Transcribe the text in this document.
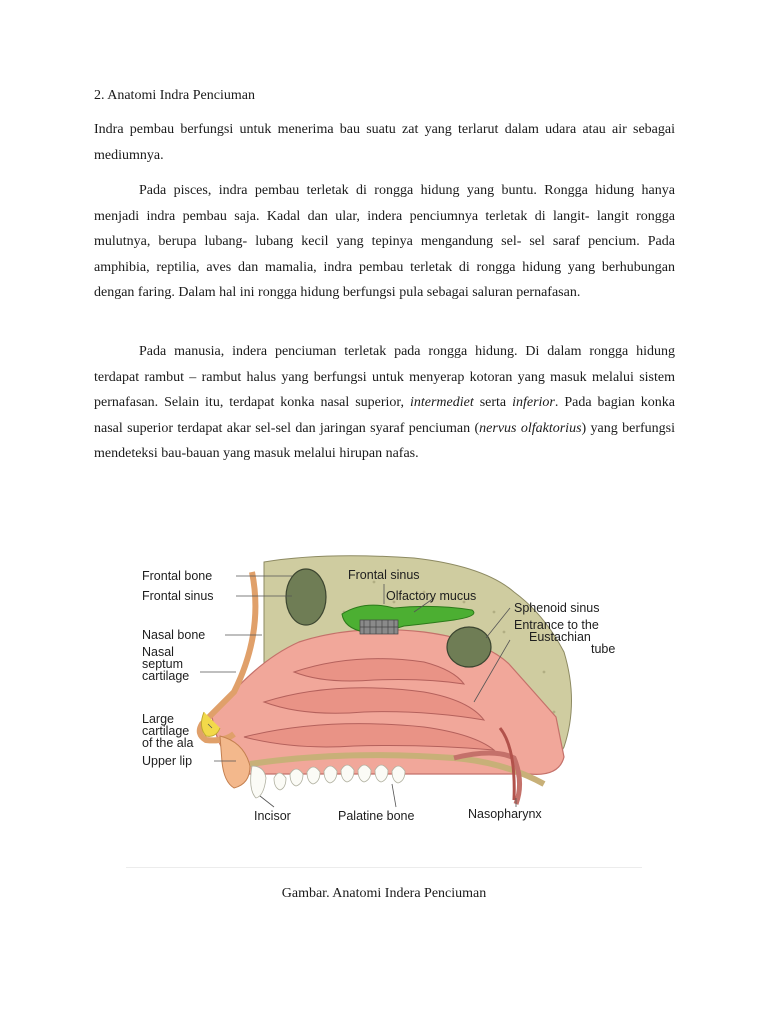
2. Anatomi Indra Penciuman

Indra pembau berfungsi untuk menerima bau suatu zat yang terlarut dalam udara atau air sebagai mediumnya.

Pada pisces, indra pembau terletak di rongga hidung yang buntu. Rongga hidung hanya menjadi indra pembau saja. Kadal dan ular, indera penciumnya terletak di langit- langit rongga mulutnya, berupa lubang- lubang kecil yang tepinya mengandung sel- sel saraf pencium. Pada amphibia, reptilia, aves dan mamalia, indra pembau terletak di rongga hidung yang berhubungan dengan faring. Dalam hal ini rongga hidung berfungsi pula sebagai saluran pernafasan.

Pada manusia, indera penciuman terletak pada rongga hidung. Di dalam rongga hidung terdapat rambut – rambut halus yang berfungsi untuk menyerap kotoran yang masuk melalui sistem pernafasan. Selain itu, terdapat konka nasal superior, intermediet serta inferior. Pada bagian konka nasal superior terdapat akar sel-sel dan jaringan syaraf penciuman (nervus olfaktorius) yang berfungsi mendeteksi bau-bauan yang masuk melalui hirupan nafas.

Frontal bone
Frontal sinus
Nasal bone
Nasal
septum
cartilage
Large
cartilage
of the ala
Upper lip
Frontal sinus
Olfactory mucus
Sphenoid sinus
Entrance to the
Eustachian
tube
Incisor	Palatine bone	Nasopharynx
Gambar. Anatomi Indera Penciuman
